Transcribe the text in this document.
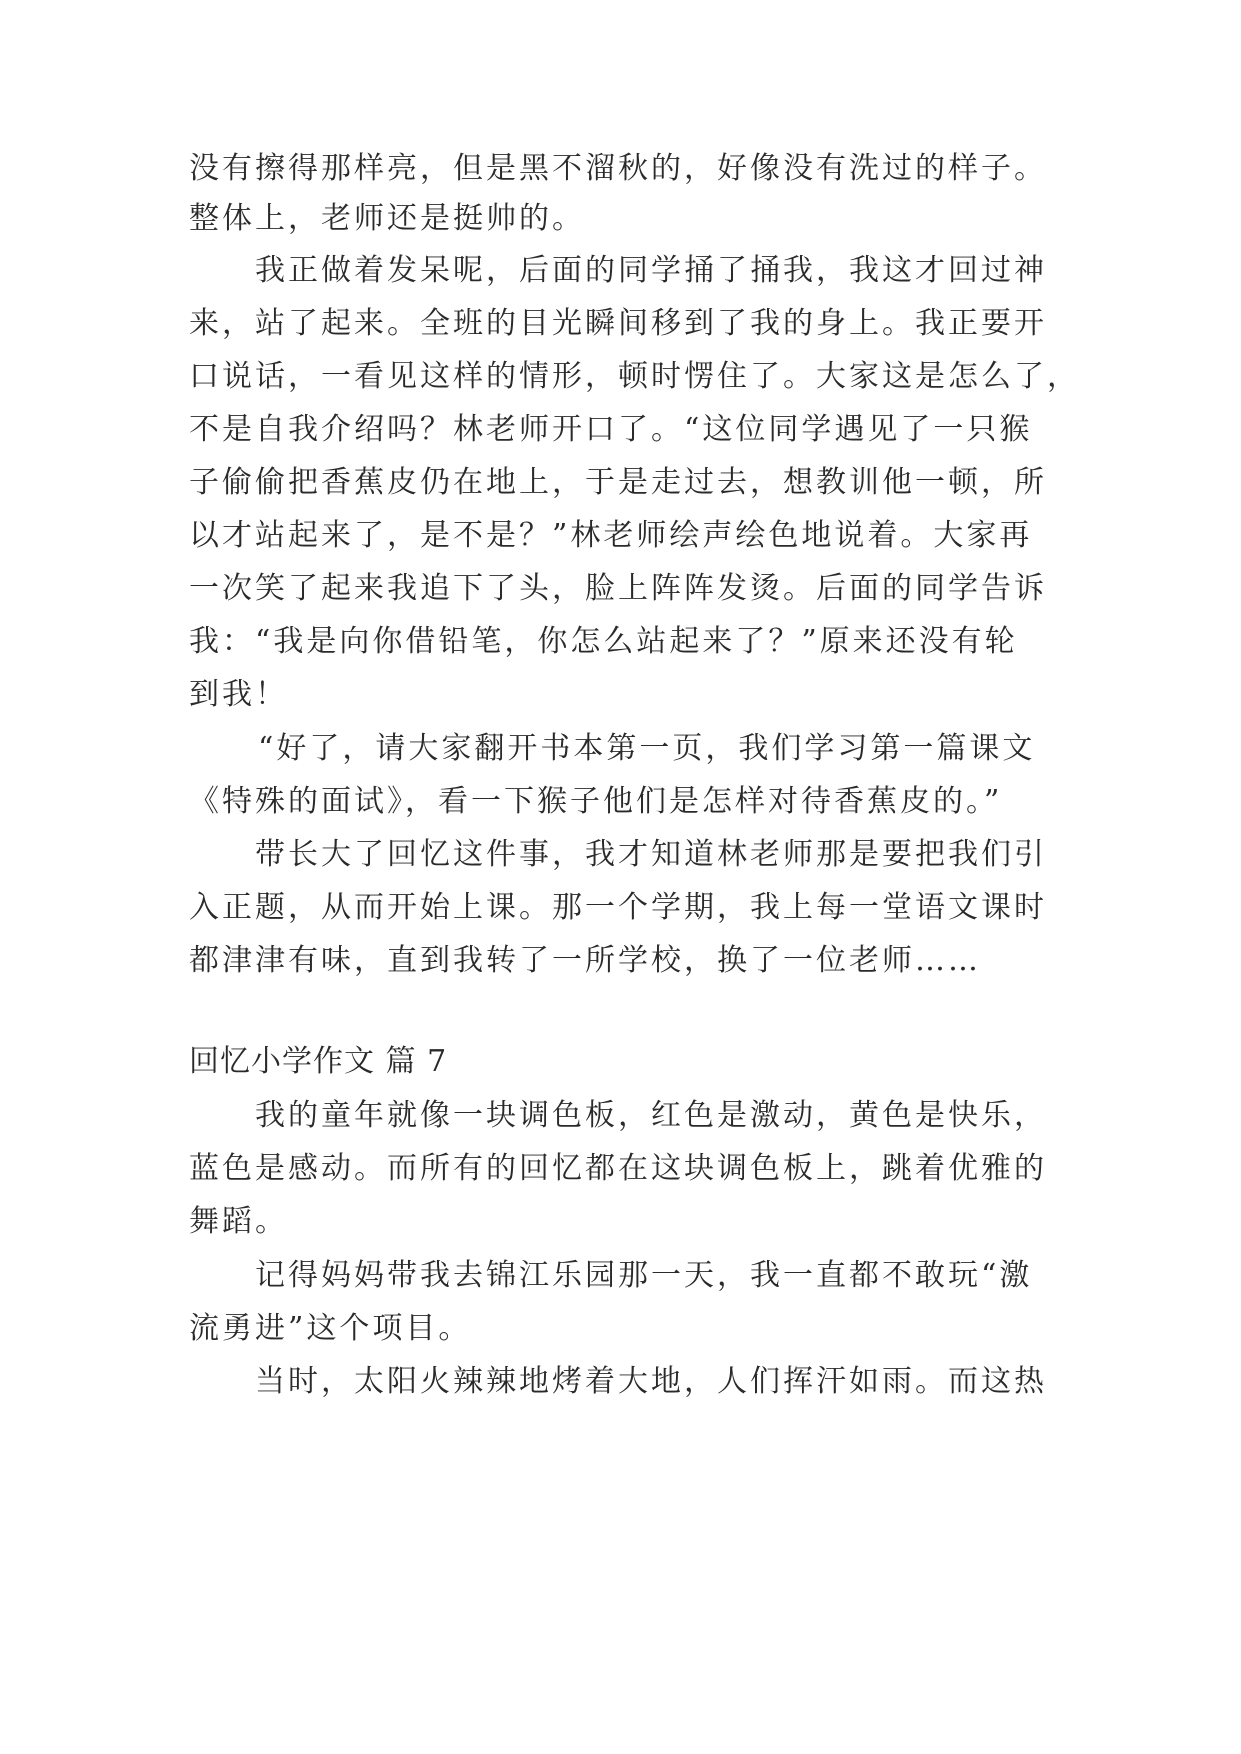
没有擦得那样亮，但是黑不溜秋的，好像没有洗过的样子。
整体上，老师还是挺帅的。
我正做着发呆呢，后面的同学捅了捅我，我这才回过神
来，站了起来。全班的目光瞬间移到了我的身上。我正要开
口说话，一看见这样的情形，顿时愣住了。大家这是怎么了，
不是自我介绍吗？林老师开口了。“这位同学遇见了一只猴
子偷偷把香蕉皮仍在地上，于是走过去，想教训他一顿，所
以才站起来了，是不是？”林老师绘声绘色地说着。大家再
一次笑了起来我追下了头，脸上阵阵发烫。后面的同学告诉
我：“我是向你借铅笔，你怎么站起来了？”原来还没有轮
到我！
“好了，请大家翻开书本第一页，我们学习第一篇课文
《特殊的面试》，看一下猴子他们是怎样对待香蕉皮的。”
带长大了回忆这件事，我才知道林老师那是要把我们引
入正题，从而开始上课。那一个学期，我上每一堂语文课时
都津津有味，直到我转了一所学校，换了一位老师……
回忆小学作文 篇 7
我的童年就像一块调色板，红色是激动，黄色是快乐，
蓝色是感动。而所有的回忆都在这块调色板上，跳着优雅的
舞蹈。
记得妈妈带我去锦江乐园那一天，我一直都不敢玩“激
流勇进”这个项目。
当时，太阳火辣辣地烤着大地，人们挥汗如雨。而这热
